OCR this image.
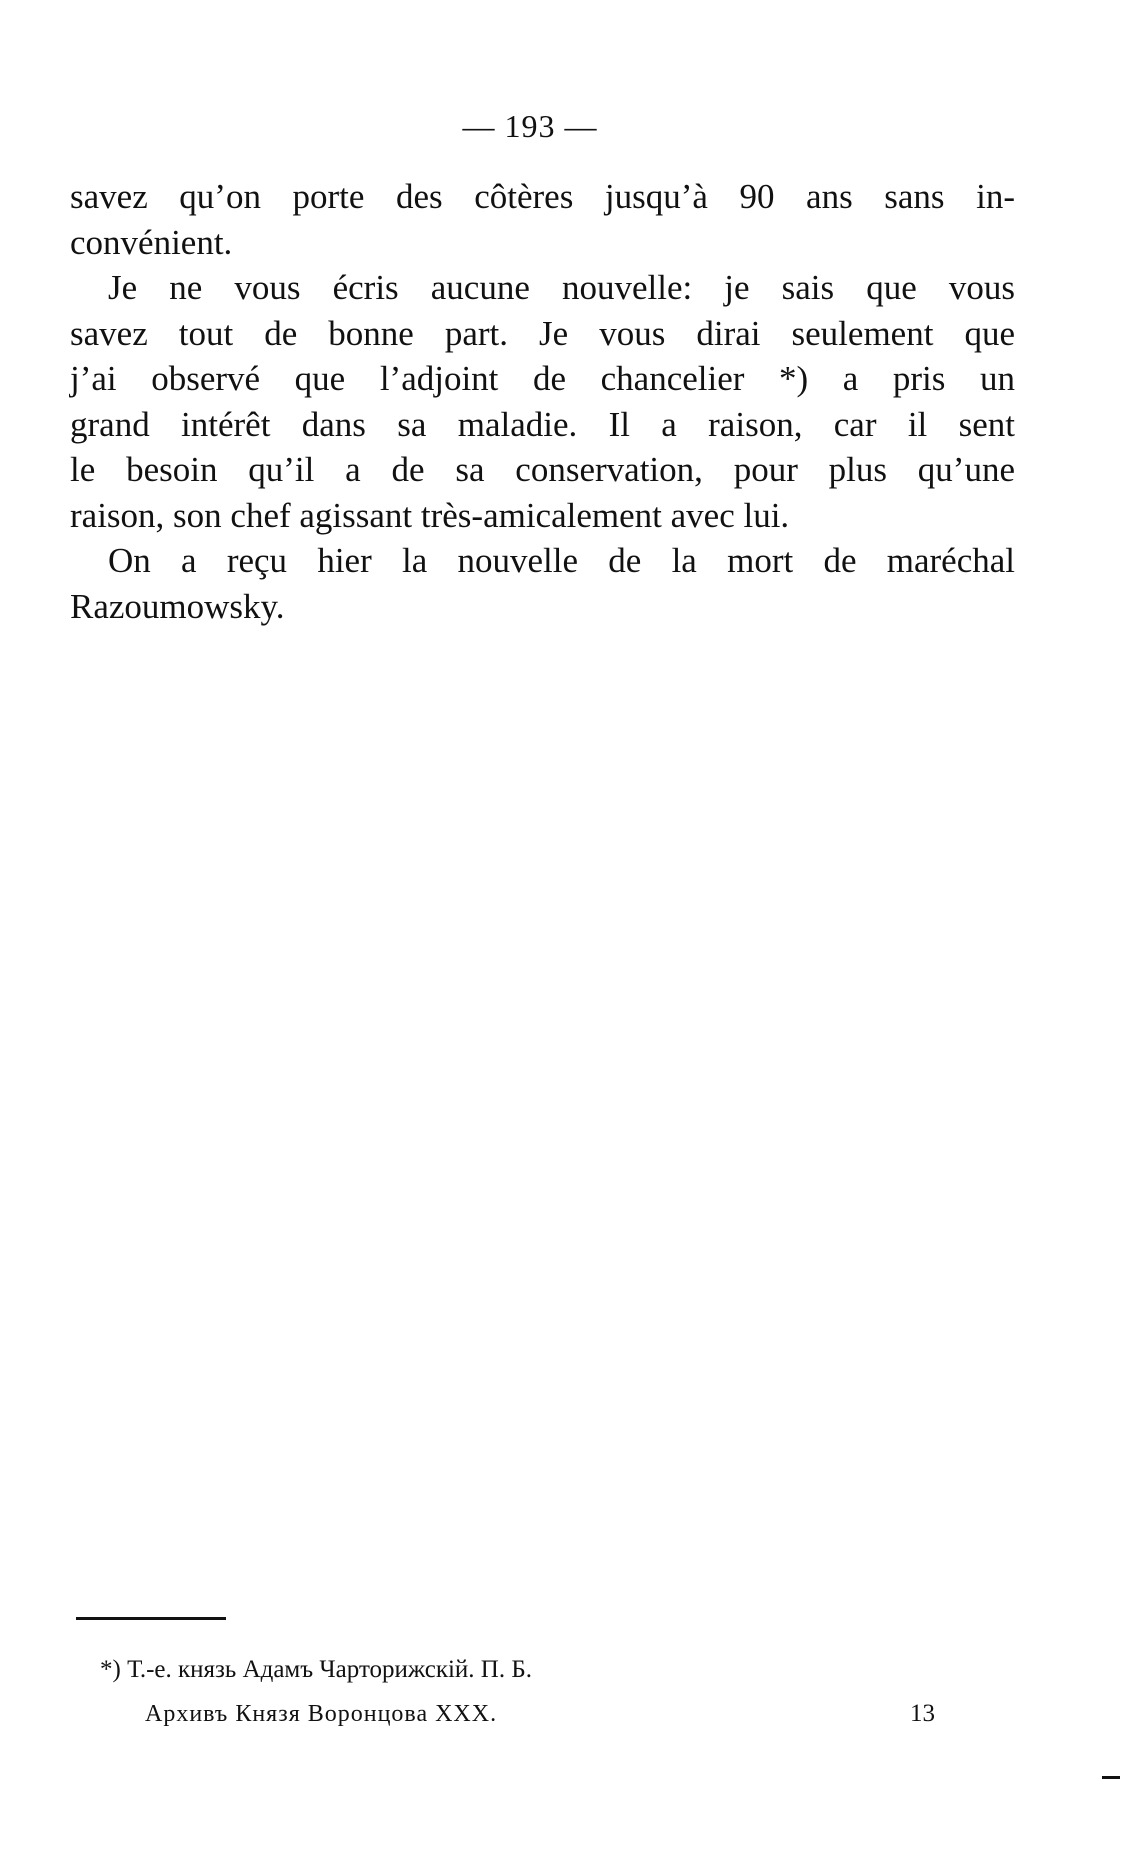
— 193 —
savez qu’on porte des côtères jusqu’à 90 ans sans in-
convénient.
Je ne vous écris aucune nouvelle: je sais que vous
savez tout de bonne part. Je vous dirai seulement que
j’ai observé que l’adjoint de chancelier *) a pris un
grand intérêt dans sa maladie. Il a raison, car il sent
le besoin qu’il a de sa conservation, pour plus qu’une
raison, son chef agissant très-amicalement avec lui.
On a reçu hier la nouvelle de la mort de maréchal
Razoumowsky.
*) Т.-е. князь Адамъ Чарторижскій. П. Б.
Архивъ Князя Воронцова XXX.	13
